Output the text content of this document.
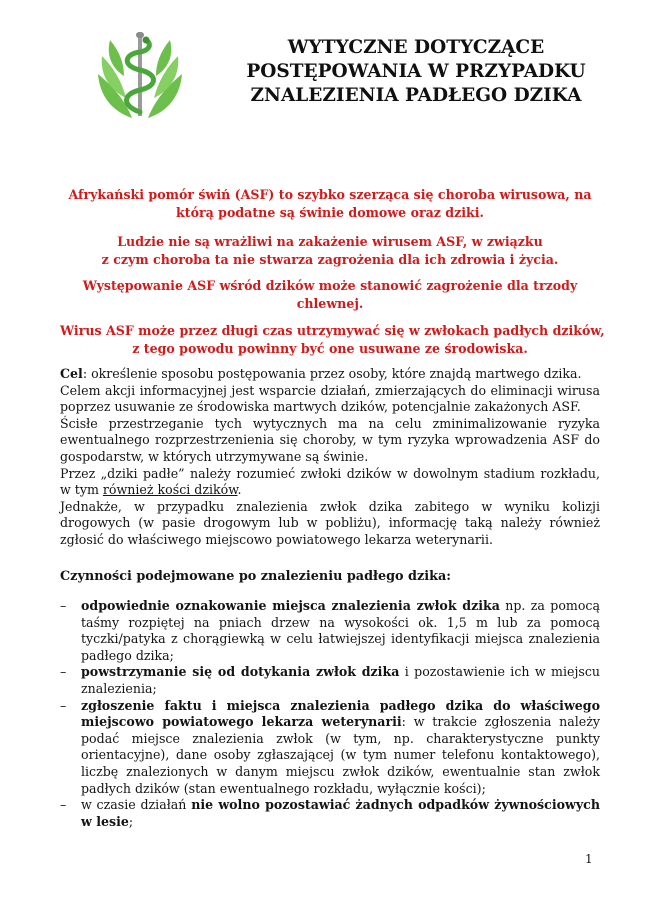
WYTYCZNE DOTYCZĄCE
POSTĘPOWANIA W PRZYPADKU
ZNALEZIENIA PADŁEGO DZIKA
Afrykański pomór świń (ASF) to szybko szerząca się choroba wirusowa, na
którą podatne są świnie domowe oraz dziki.
Ludzie nie są wrażliwi na zakażenie wirusem ASF, w związku
z czym choroba ta nie stwarza zagrożenia dla ich zdrowia i życia.
Występowanie ASF wśród dzików może stanowić zagrożenie dla trzody
chlewnej.
Wirus ASF może przez długi czas utrzymywać się w zwłokach padłych dzików,
z tego powodu powinny być one usuwane ze środowiska.

Cel: określenie sposobu postępowania przez osoby, które znajdą martwego dzika.

Celem akcji informacyjnej jest wsparcie działań, zmierzających do eliminacji wirusa poprzez usuwanie ze środowiska martwych dzików, potencjalnie zakażonych ASF.

Ścisłe przestrzeganie tych wytycznych ma na celu zminimalizowanie ryzyka ewentualnego rozprzestrzenienia się choroby, w tym ryzyka wprowadzenia ASF do gospodarstw, w których utrzymywane są świnie.

Przez „dziki padłe” należy rozumieć zwłoki dzików w dowolnym stadium rozkładu, w tym również kości dzików.

Jednakże, w przypadku znalezienia zwłok dzika zabitego w wyniku kolizji drogowych (w pasie drogowym lub w pobliżu), informację taką należy również zgłosić do właściwego miejscowo powiatowego lekarza weterynarii.

Czynności podejmowane po znalezieniu padłego dzika:
–	odpowiednie oznakowanie miejsca znalezienia zwłok dzika np. za pomocą taśmy rozpiętej na pniach drzew na wysokości ok. 1,5 m lub za pomocą tyczki/patyka z chorągiewką w celu łatwiejszej identyfikacji miejsca znalezienia padłego dzika;
–	powstrzymanie się od dotykania zwłok dzika i pozostawienie ich w miejscu znalezienia;
–	zgłoszenie faktu i miejsca znalezienia padłego dzika do właściwego miejscowo powiatowego lekarza weterynarii: w trakcie zgłoszenia należy podać miejsce znalezienia zwłok (w tym, np. charakterystyczne punkty orientacyjne), dane osoby zgłaszającej (w tym numer telefonu kontaktowego), liczbę znalezionych w danym miejscu zwłok dzików, ewentualnie stan zwłok padłych dzików (stan ewentualnego rozkładu, wyłącznie kości);
–	w czasie działań nie wolno pozostawiać żadnych odpadków żywnościowych w lesie;
1
